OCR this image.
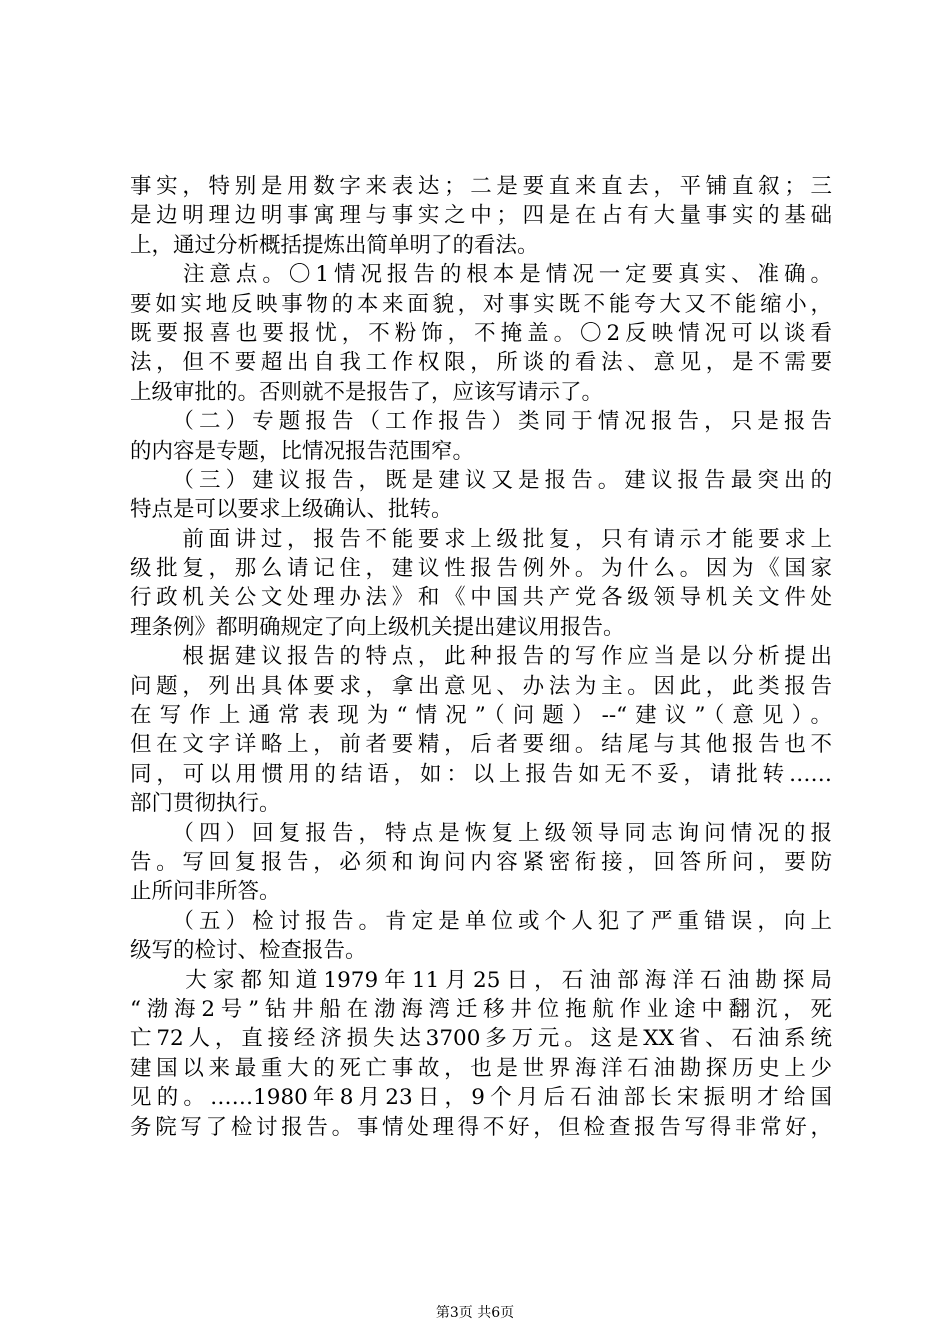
事实，特别是用数字来表达；二是要直来直去，平铺直叙；三
是边明理边明事寓理与事实之中；四是在占有大量事实的基础
上，通过分析概括提炼出简单明了的看法。
　　注意点。〇1情况报告的根本是情况一定要真实、准确。
要如实地反映事物的本来面貌，对事实既不能夸大又不能缩小，
既要报喜也要报忧，不粉饰，不掩盖。〇2反映情况可以谈看
法，但不要超出自我工作权限，所谈的看法、意见，是不需要
上级审批的。否则就不是报告了，应该写请示了。
　　（二）专题报告（工作报告）类同于情况报告，只是报告
的内容是专题，比情况报告范围窄。
　　（三）建议报告，既是建议又是报告。建议报告最突出的
特点是可以要求上级确认、批转。
　　前面讲过，报告不能要求上级批复，只有请示才能要求上
级批复，那么请记住，建议性报告例外。为什么。因为《国家
行政机关公文处理办法》和《中国共产党各级领导机关文件处
理条例》都明确规定了向上级机关提出建议用报告。
　　根据建议报告的特点，此种报告的写作应当是以分析提出
问题，列出具体要求，拿出意见、办法为主。因此，此类报告
在写作上通常表现为“情况”（问题）--“建议”（意见）。
但在文字详略上，前者要精，后者要细。结尾与其他报告也不
同，可以用惯用的结语，如：以上报告如无不妥，请批转……
部门贯彻执行。
　　（四）回复报告，特点是恢复上级领导同志询问情况的报
告。写回复报告，必须和询问内容紧密衔接，回答所问，要防
止所问非所答。
　　（五）检讨报告。肯定是单位或个人犯了严重错误，向上
级写的检讨、检查报告。
　　大家都知道1979年11月25日，石油部海洋石油勘探局
“渤海2号”钻井船在渤海湾迁移井位拖航作业途中翻沉，死
亡72人，直接经济损失达3700多万元。这是XX省、石油系统
建国以来最重大的死亡事故，也是世界海洋石油勘探历史上少
见的。……1980年8月23日，9个月后石油部长宋振明才给国
务院写了检讨报告。事情处理得不好，但检查报告写得非常好，
第3页 共6页
